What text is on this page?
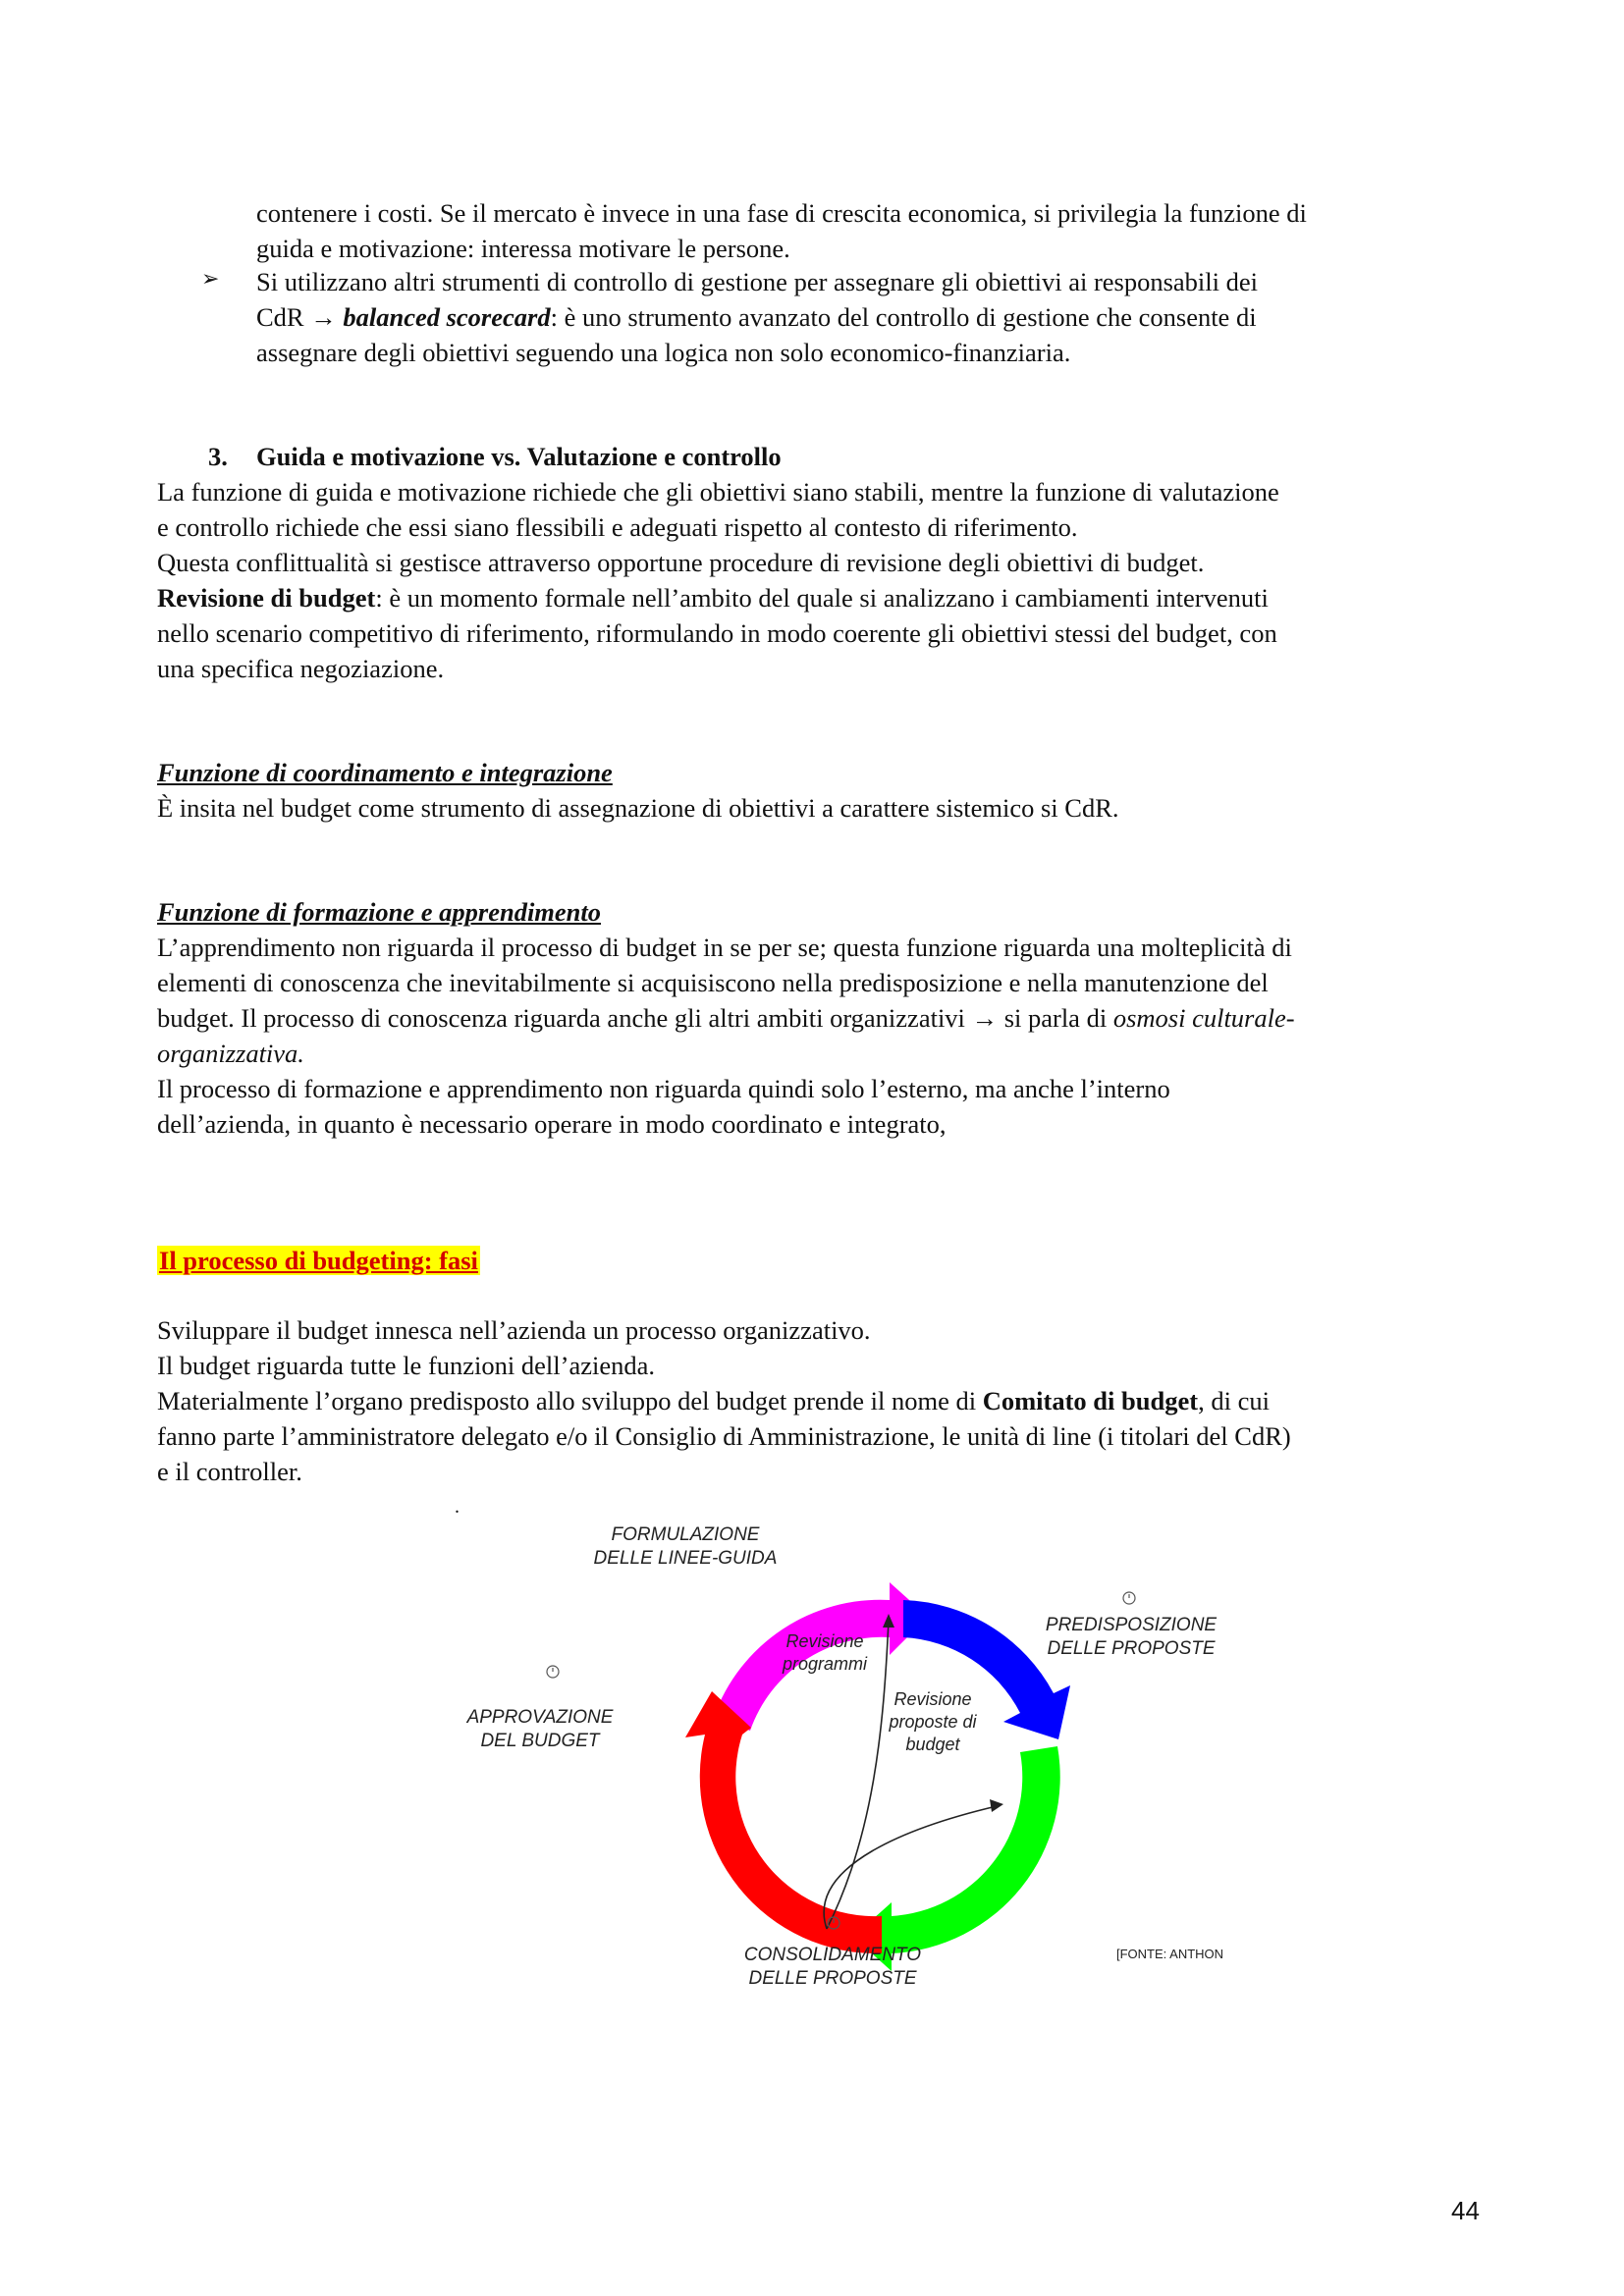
contenere i costi. Se il mercato è invece in una fase di crescita economica, si privilegia la funzione di

guida e motivazione: interessa motivare le persone.

➢ Si utilizzano altri strumenti di controllo di gestione per assegnare gli obiettivi ai responsabili dei

CdR → balanced scorecard: è uno strumento avanzato del controllo di gestione che consente di

assegnare degli obiettivi seguendo una logica non solo economico-finanziaria.

3. Guida e motivazione vs. Valutazione e controllo

La funzione di guida e motivazione richiede che gli obiettivi siano stabili, mentre la funzione di valutazione

e controllo richiede che essi siano flessibili e adeguati rispetto al contesto di riferimento.

Questa conflittualità si gestisce attraverso opportune procedure di revisione degli obiettivi di budget.

Revisione di budget: è un momento formale nell’ambito del quale si analizzano i cambiamenti intervenuti

nello scenario competitivo di riferimento, riformulando in modo coerente gli obiettivi stessi del budget, con

una specifica negoziazione.

Funzione di coordinamento e integrazione

È insita nel budget come strumento di assegnazione di obiettivi a carattere sistemico si CdR.

Funzione di formazione e apprendimento

L’apprendimento non riguarda il processo di budget in se per se; questa funzione riguarda una molteplicità di

elementi di conoscenza che inevitabilmente si acquisiscono nella predisposizione e nella manutenzione del

budget. Il processo di conoscenza riguarda anche gli altri ambiti organizzativi → si parla di osmosi culturale-

organizzativa.

Il processo di formazione e apprendimento non riguarda quindi solo l’esterno, ma anche l’interno

dell’azienda, in quanto è necessario operare in modo coordinato e integrato,

Il processo di budgeting: fasi

Sviluppare il budget innesca nell’azienda un processo organizzativo.

Il budget riguarda tutte le funzioni dell’azienda.

Materialmente l’organo predisposto allo sviluppo del budget prende il nome di Comitato di budget, di cui

fanno parte l’amministratore delegato e/o il Consiglio di Amministrazione, le unità di line (i titolari del CdR)

e il controller.

.
FORMULAZIONE
DELLE LINEE-GUIDA
PREDISPOSIZIONE
DELLE PROPOSTE
APPROVAZIONE
DEL BUDGET
CONSOLIDAMENTO
DELLE PROPOSTE
Revisione
programmi
Revisione
proposte di
budget
[FONTE: ANTHON
44
